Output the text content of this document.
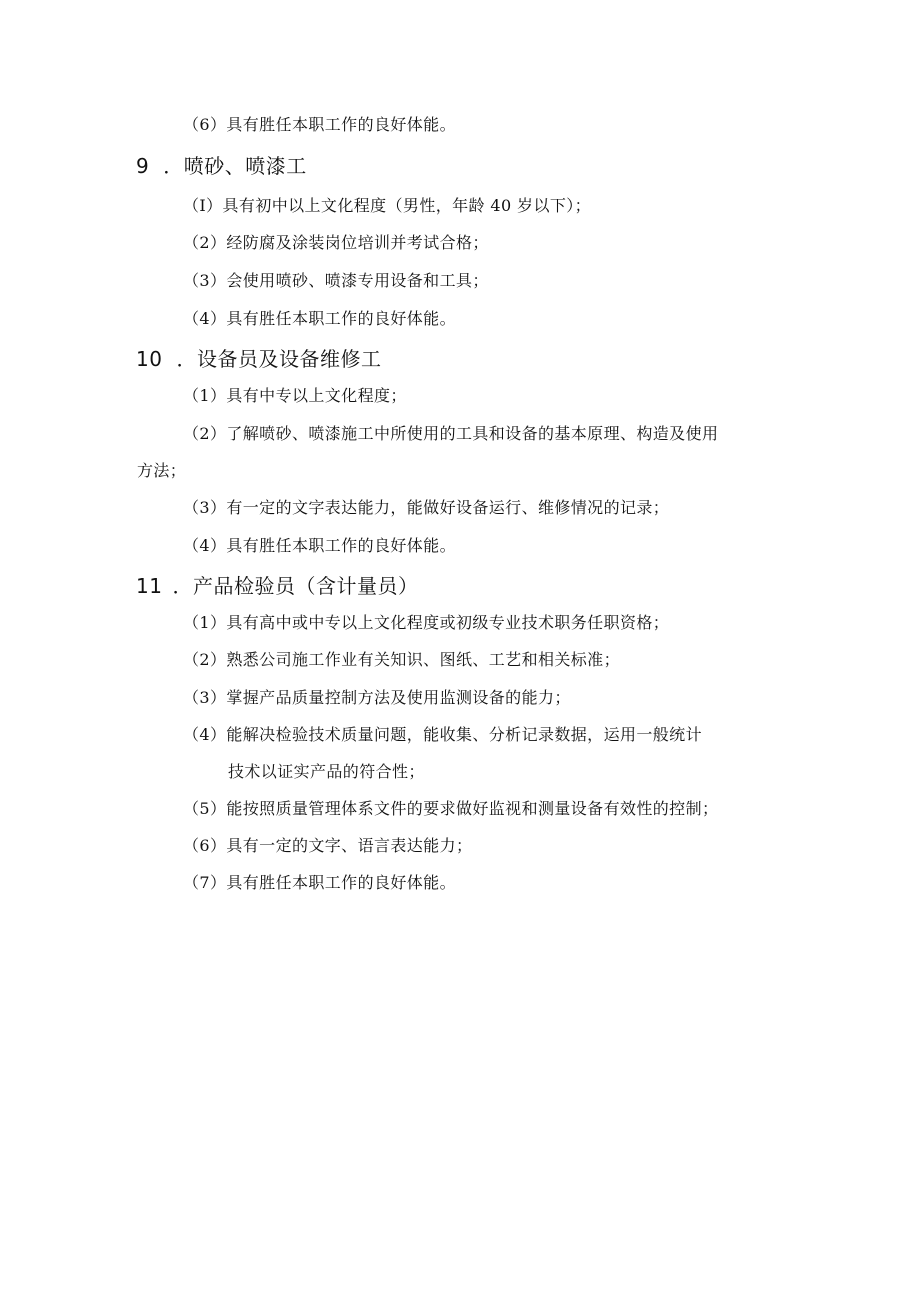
（6）具有胜任本职工作的良好体能。
9 ．喷砂、喷漆工
（I）具有初中以上文化程度（男性，年龄 40 岁以下）；
（2）经防腐及涂装岗位培训并考试合格；
（3）会使用喷砂、喷漆专用设备和工具；
（4）具有胜任本职工作的良好体能。
10 ．设备员及设备维修工
（1）具有中专以上文化程度；
（2）了解喷砂、喷漆施工中所使用的工具和设备的基本原理、构造及使用
方法；
（3）有一定的文字表达能力，能做好设备运行、维修情况的记录；
（4）具有胜任本职工作的良好体能。
11 ．产品检验员（含计量员）
（1）具有高中或中专以上文化程度或初级专业技术职务任职资格；
（2）熟悉公司施工作业有关知识、图纸、工艺和相关标准；
（3）掌握产品质量控制方法及使用监测设备的能力；
（4）能解决检验技术质量问题，能收集、分析记录数据，运用一般统计
技术以证实产品的符合性；
（5）能按照质量管理体系文件的要求做好监视和测量设备有效性的控制；
（6）具有一定的文字、语言表达能力；
（7）具有胜任本职工作的良好体能。
